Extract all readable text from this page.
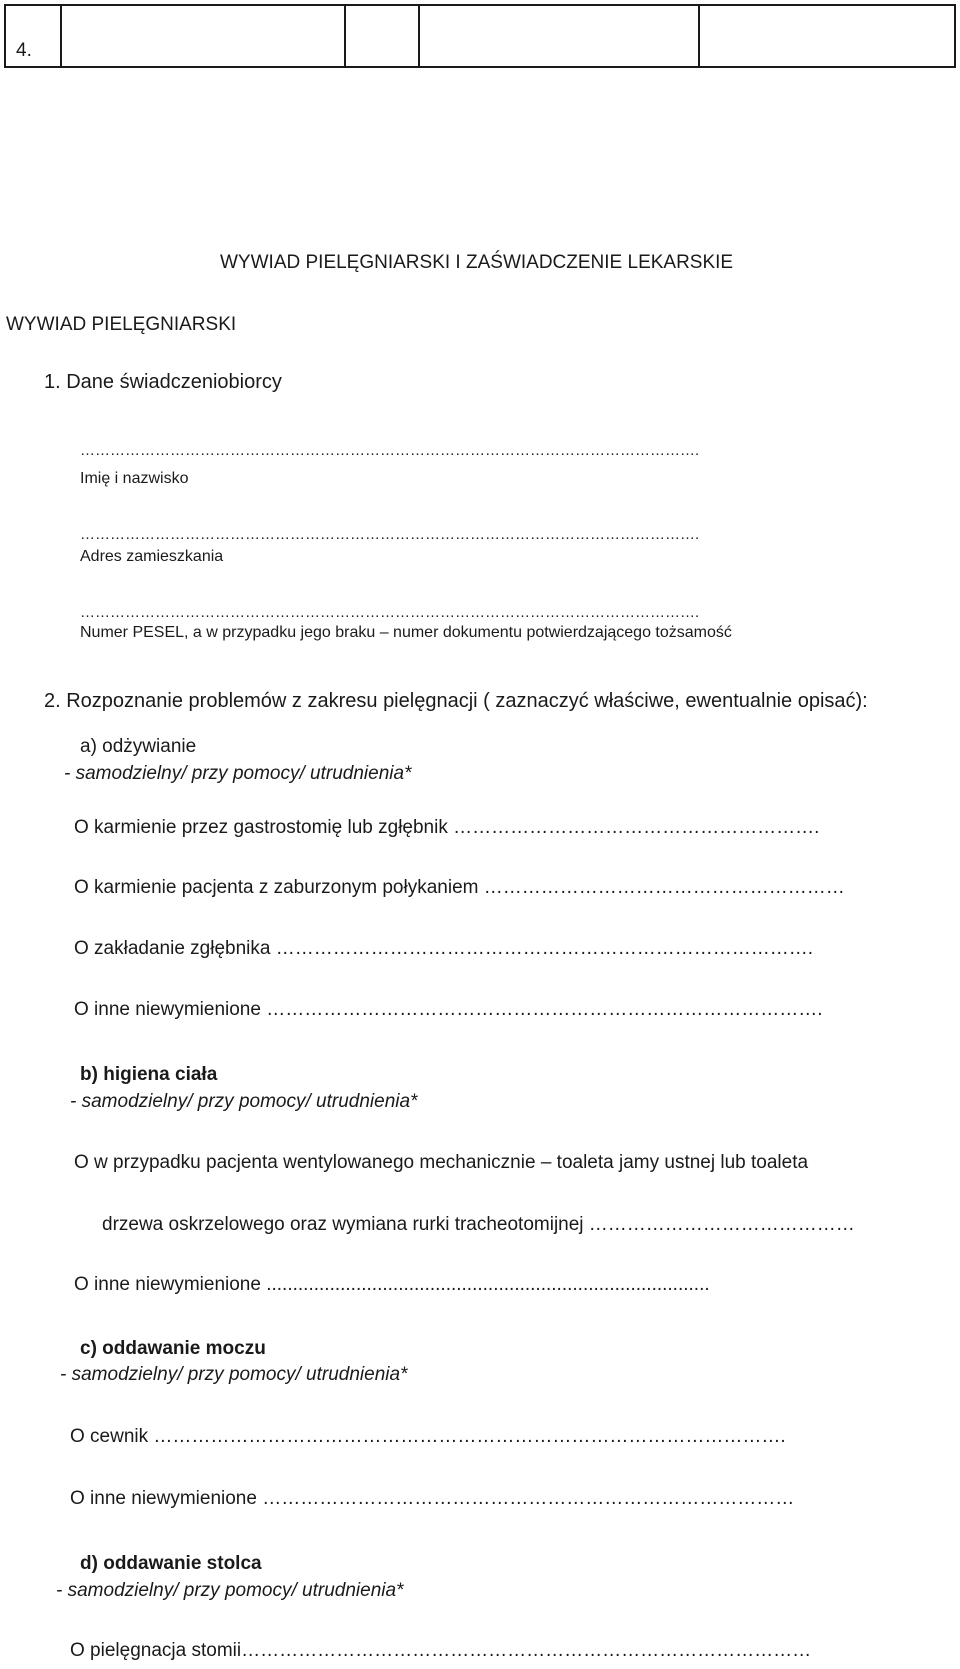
4.				
WYWIAD PIELĘGNIARSKI I ZAŚWIADCZENIE LEKARSKIE
WYWIAD PIELĘGNIARSKI
1. Dane świadczeniobiorcy
…………………………………………………………………………………………………………….
Imię i nazwisko
…………………………………………………………………………………………………………….
Adres zamieszkania
…………………………………………………………………………………………………………….
Numer PESEL, a w przypadku jego braku – numer dokumentu potwierdzającego tożsamość
2. Rozpoznanie problemów z zakresu pielęgnacji ( zaznaczyć właściwe, ewentualnie opisać):
a) odżywianie
- samodzielny/ przy pomocy/ utrudnienia*
O karmienie przez gastrostomię lub zgłębnik ………………………………………………….
O karmienie pacjenta z zaburzonym połykaniem …………………………………………………
O zakładanie zgłębnika ………………………………………………………………………….
O inne niewymienione …………………………………………………………………………….
b) higiena ciała
- samodzielny/ przy pomocy/ utrudnienia*
O w przypadku pacjenta wentylowanego mechanicznie – toaleta jamy ustnej lub toaleta
drzewa oskrzelowego oraz wymiana rurki tracheotomijnej ……………………………………
O inne niewymienione ....................................................................................
c) oddawanie moczu
- samodzielny/ przy pomocy/ utrudnienia*
O cewnik ……………………………………………………………………………………….
O inne niewymienione …………………………………………………………………………
d) oddawanie stolca
- samodzielny/ przy pomocy/ utrudnienia*
O pielęgnacja stomii………………………………………………………………………………
